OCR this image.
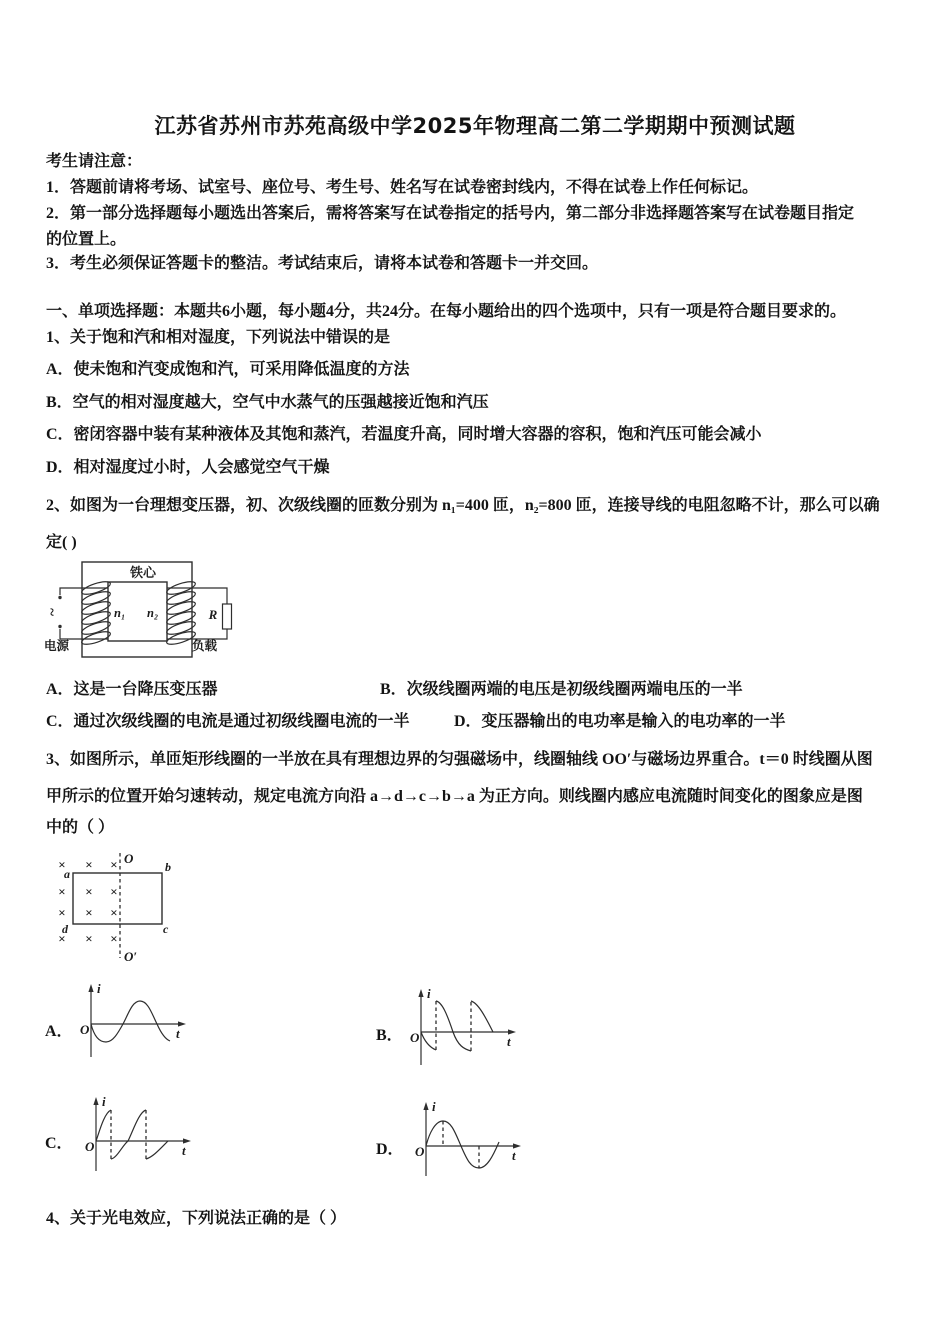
江苏省苏州市苏苑高级中学2025年物理高二第二学期期中预测试题
考生请注意：
1．答题前请将考场、试室号、座位号、考生号、姓名写在试卷密封线内，不得在试卷上作任何标记。
2．第一部分选择题每小题选出答案后，需将答案写在试卷指定的括号内，第二部分非选择题答案写在试卷题目指定
的位置上。
3．考生必须保证答题卡的整洁。考试结束后，请将本试卷和答题卡一并交回。
一、单项选择题：本题共6小题，每小题4分，共24分。在每小题给出的四个选项中，只有一项是符合题目要求的。
1、关于饱和汽和相对湿度，下列说法中错误的是
A．使未饱和汽变成饱和汽，可采用降低温度的方法
B．空气的相对湿度越大，空气中水蒸气的压强越接近饱和汽压
C．密闭容器中装有某种液体及其饱和蒸汽，若温度升高，同时增大容器的容积，饱和汽压可能会减小
D．相对湿度过小时，人会感觉空气干燥
2、如图为一台理想变压器，初、次级线圈的匝数分别为 n₁=400 匝，n₂=800 匝，连接导线的电阻忽略不计，那么可以确
定( )
铁心
n₁ n₂
~
电源
R
负载
A．这是一台降压变压器	B．次级线圈两端的电压是初级线圈两端电压的一半
C．通过次级线圈的电流是通过初级线圈电流的一半	D．变压器输出的电功率是输入的电功率的一半
3、如图所示，单匝矩形线圈的一半放在具有理想边界的匀强磁场中，线圈轴线 OO′与磁场边界重合。t＝0 时线圈从图
甲所示的位置开始匀速转动，规定电流方向沿 a→d→c→b→a 为正方向。则线圈内感应电流随时间变化的图象应是图
中的（ ）
× × ×
× × ×
× × ×
× × ×
O
O′
a	b
c
d
A．
i
t
O	B．
i
t
O
C．
i
t
O	D．
i
t
O
4、关于光电效应，下列说法正确的是（ ）
